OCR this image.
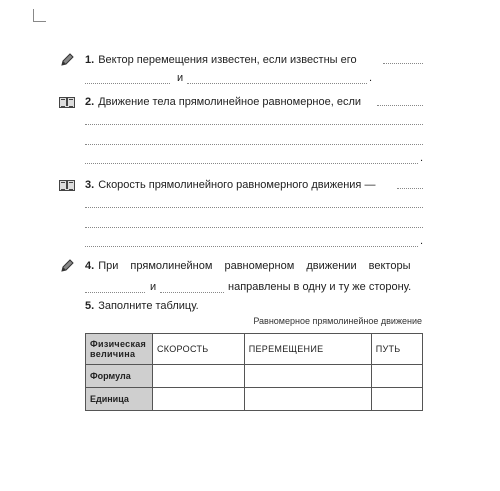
1. Вектор перемещения известен, если известны его
и	.
2. Движение тела прямолинейное равномерное, если
.
3. Скорость прямолинейного равномерного движения —
.
4. При прямолинейном равномерном движении векторы
и	направлены в одну и ту же сторону.
5. Заполните таблицу.
Равномерное прямолинейное движение
Физическая величина	СКОРОСТЬ	ПЕРЕМЕЩЕНИЕ	ПУТЬ
Формула			
Единица			
